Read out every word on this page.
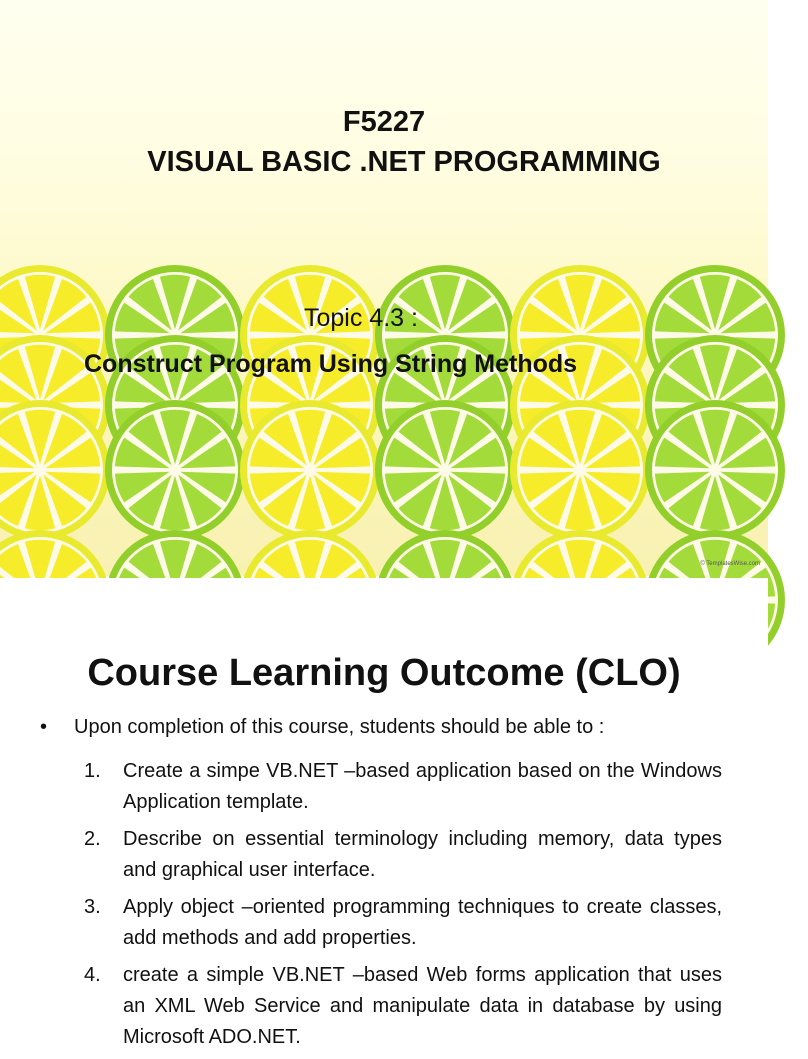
F5227
VISUAL BASIC .NET PROGRAMMING
Topic 4.3 :
Construct Program Using String Methods
© TemplatesWise.com
Course Learning Outcome (CLO)
• Upon completion of this course, students should be able to :
1.	Create a simpe VB.NET –based application based on the Windows Application template.
2.	Describe on essential terminology including memory, data types and graphical user interface.
3.	Apply object –oriented programming techniques to create classes, add methods and add properties.
4.	create a simple VB.NET –based Web forms application that uses an XML Web Service and manipulate data in database by using Microsoft ADO.NET.
